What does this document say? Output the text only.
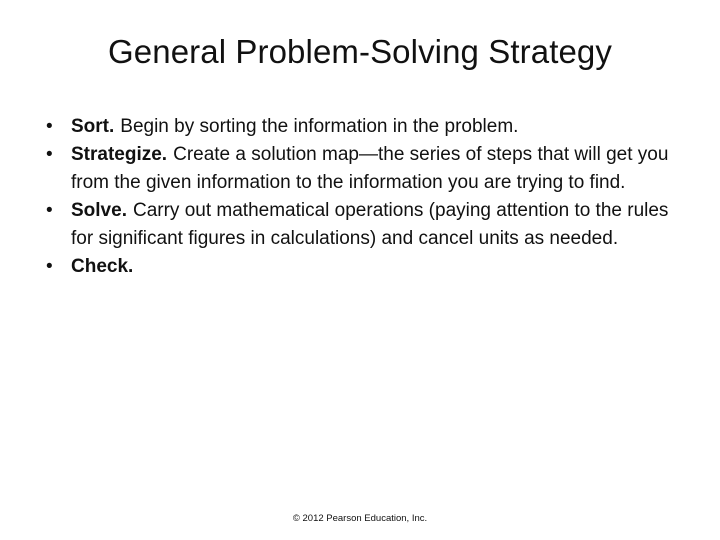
General Problem-Solving Strategy
• Sort. Begin by sorting the information in the problem.
• Strategize. Create a solution map—the series of steps that will get you from the given information to the information you are trying to find.
• Solve. Carry out mathematical operations (paying attention to the rules for significant figures in calculations) and cancel units as needed.
• Check.
© 2012 Pearson Education, Inc.
